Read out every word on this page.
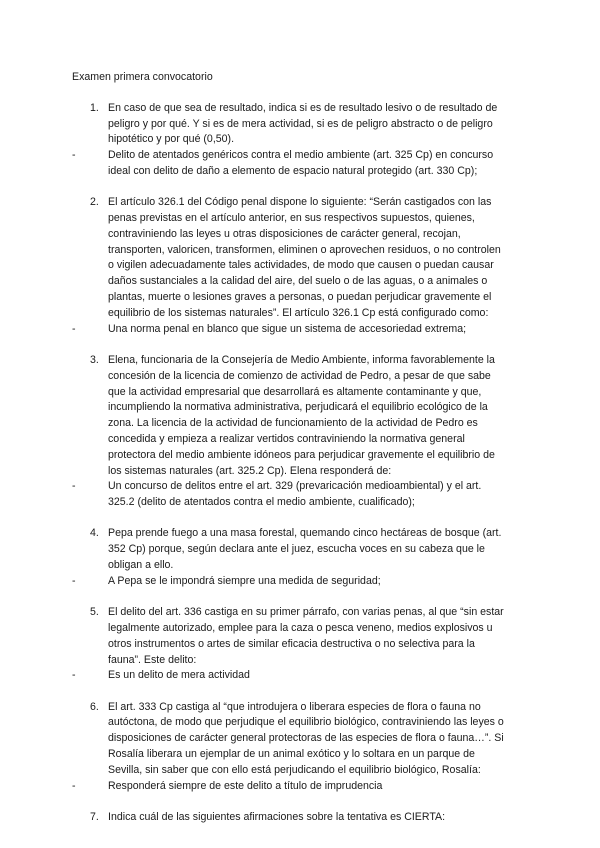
Examen primera convocatorio
1. En caso de que sea de resultado, indica si es de resultado lesivo o de resultado de
peligro y por qué. Y si es de mera actividad, si es de peligro abstracto o de peligro
hipotético y por qué (0,50).
-	Delito de atentados genéricos contra el medio ambiente (art. 325 Cp) en concurso
ideal con delito de daño a elemento de espacio natural protegido (art. 330 Cp);
2. El artículo 326.1 del Código penal dispone lo siguiente: “Serán castigados con las
penas previstas en el artículo anterior, en sus respectivos supuestos, quienes,
contraviniendo las leyes u otras disposiciones de carácter general, recojan,
transporten, valoricen, transformen, eliminen o aprovechen residuos, o no controlen
o vigilen adecuadamente tales actividades, de modo que causen o puedan causar
daños sustanciales a la calidad del aire, del suelo o de las aguas, o a animales o
plantas, muerte o lesiones graves a personas, o puedan perjudicar gravemente el
equilibrio de los sistemas naturales”. El artículo 326.1 Cp está configurado como:
-	Una norma penal en blanco que sigue un sistema de accesoriedad extrema;
3. Elena, funcionaria de la Consejería de Medio Ambiente, informa favorablemente la
concesión de la licencia de comienzo de actividad de Pedro, a pesar de que sabe
que la actividad empresarial que desarrollará es altamente contaminante y que,
incumpliendo la normativa administrativa, perjudicará el equilibrio ecológico de la
zona. La licencia de la actividad de funcionamiento de la actividad de Pedro es
concedida y empieza a realizar vertidos contraviniendo la normativa general
protectora del medio ambiente idóneos para perjudicar gravemente el equilibrio de
los sistemas naturales (art. 325.2 Cp). Elena responderá de:
-	Un concurso de delitos entre el art. 329 (prevaricación medioambiental) y el art.
325.2 (delito de atentados contra el medio ambiente, cualificado);
4. Pepa prende fuego a una masa forestal, quemando cinco hectáreas de bosque (art.
352 Cp) porque, según declara ante el juez, escucha voces en su cabeza que le
obligan a ello.
-	A Pepa se le impondrá siempre una medida de seguridad;
5. El delito del art. 336 castiga en su primer párrafo, con varias penas, al que “sin estar
legalmente autorizado, emplee para la caza o pesca veneno, medios explosivos u
otros instrumentos o artes de similar eficacia destructiva o no selectiva para la
fauna”. Este delito:
-	Es un delito de mera actividad
6. El art. 333 Cp castiga al “que introdujera o liberara especies de flora o fauna no
autóctona, de modo que perjudique el equilibrio biológico, contraviniendo las leyes o
disposiciones de carácter general protectoras de las especies de flora o fauna…”. Si
Rosalía liberara un ejemplar de un animal exótico y lo soltara en un parque de
Sevilla, sin saber que con ello está perjudicando el equilibrio biológico, Rosalía:
-	Responderá siempre de este delito a título de imprudencia
7. Indica cuál de las siguientes afirmaciones sobre la tentativa es CIERTA:
